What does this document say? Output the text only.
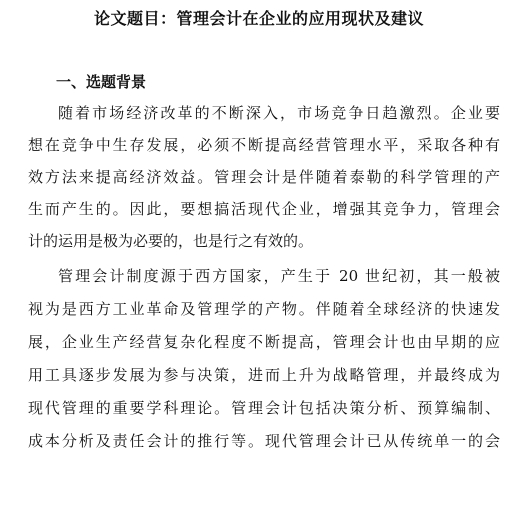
论文题目：管理会计在企业的应用现状及建议
一、选题背景
随着市场经济改革的不断深入，市场竞争日趋激烈。企业要
想在竞争中生存发展，必须不断提高经营管理水平，采取各种有
效方法来提高经济效益。管理会计是伴随着泰勒的科学管理的产
生而产生的。因此，要想搞活现代企业，增强其竞争力，管理会
计的运用是极为必要的，也是行之有效的。
管理会计制度源于西方国家，产生于 20 世纪初，其一般被
视为是西方工业革命及管理学的产物。伴随着全球经济的快速发
展，企业生产经营复杂化程度不断提高，管理会计也由早期的应
用工具逐步发展为参与决策，进而上升为战略管理，并最终成为
现代管理的重要学科理论。管理会计包括决策分析、预算编制、
成本分析及责任会计的推行等。现代管理会计已从传统单一的会
